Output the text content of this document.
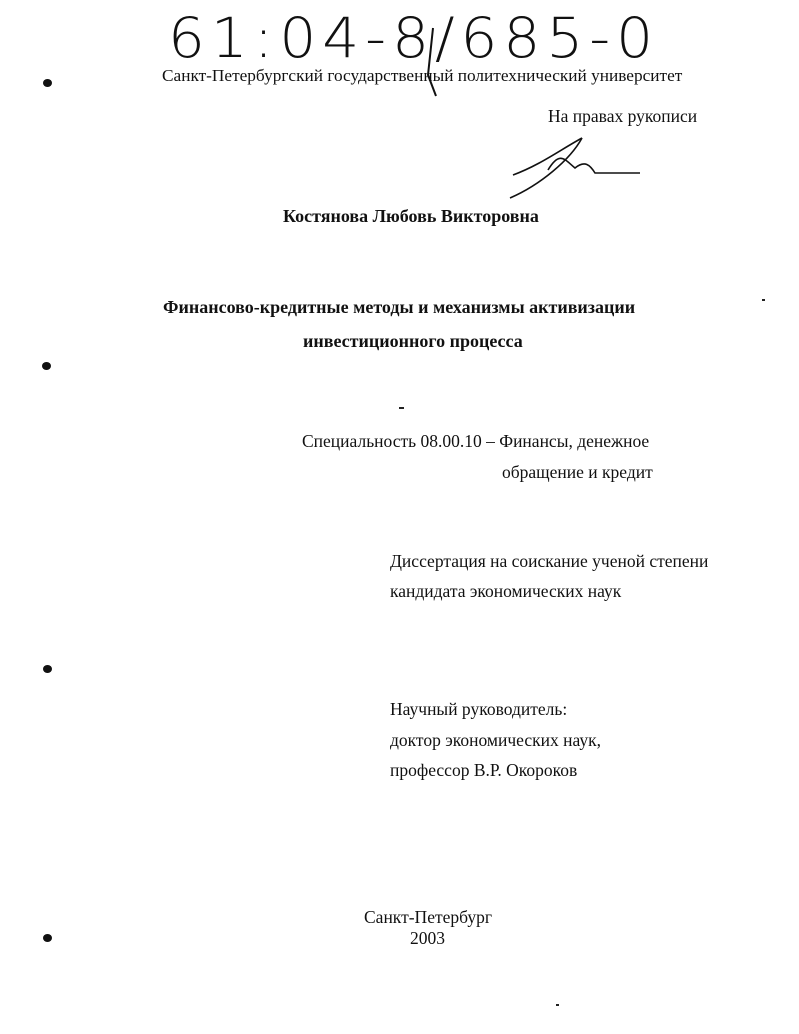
61:04-8/685-0
Санкт-Петербургский государственный политехнический университет
На правах рукописи
Костянова Любовь Викторовна
Финансово-кредитные методы и механизмы активизации
инвестиционного процесса
Специальность 08.00.10 – Финансы, денежное
обращение и кредит
Диссертация на соискание ученой степени
кандидата экономических наук
Научный руководитель:
доктор экономических наук,
профессор В.Р. Окороков
Санкт-Петербург
2003
